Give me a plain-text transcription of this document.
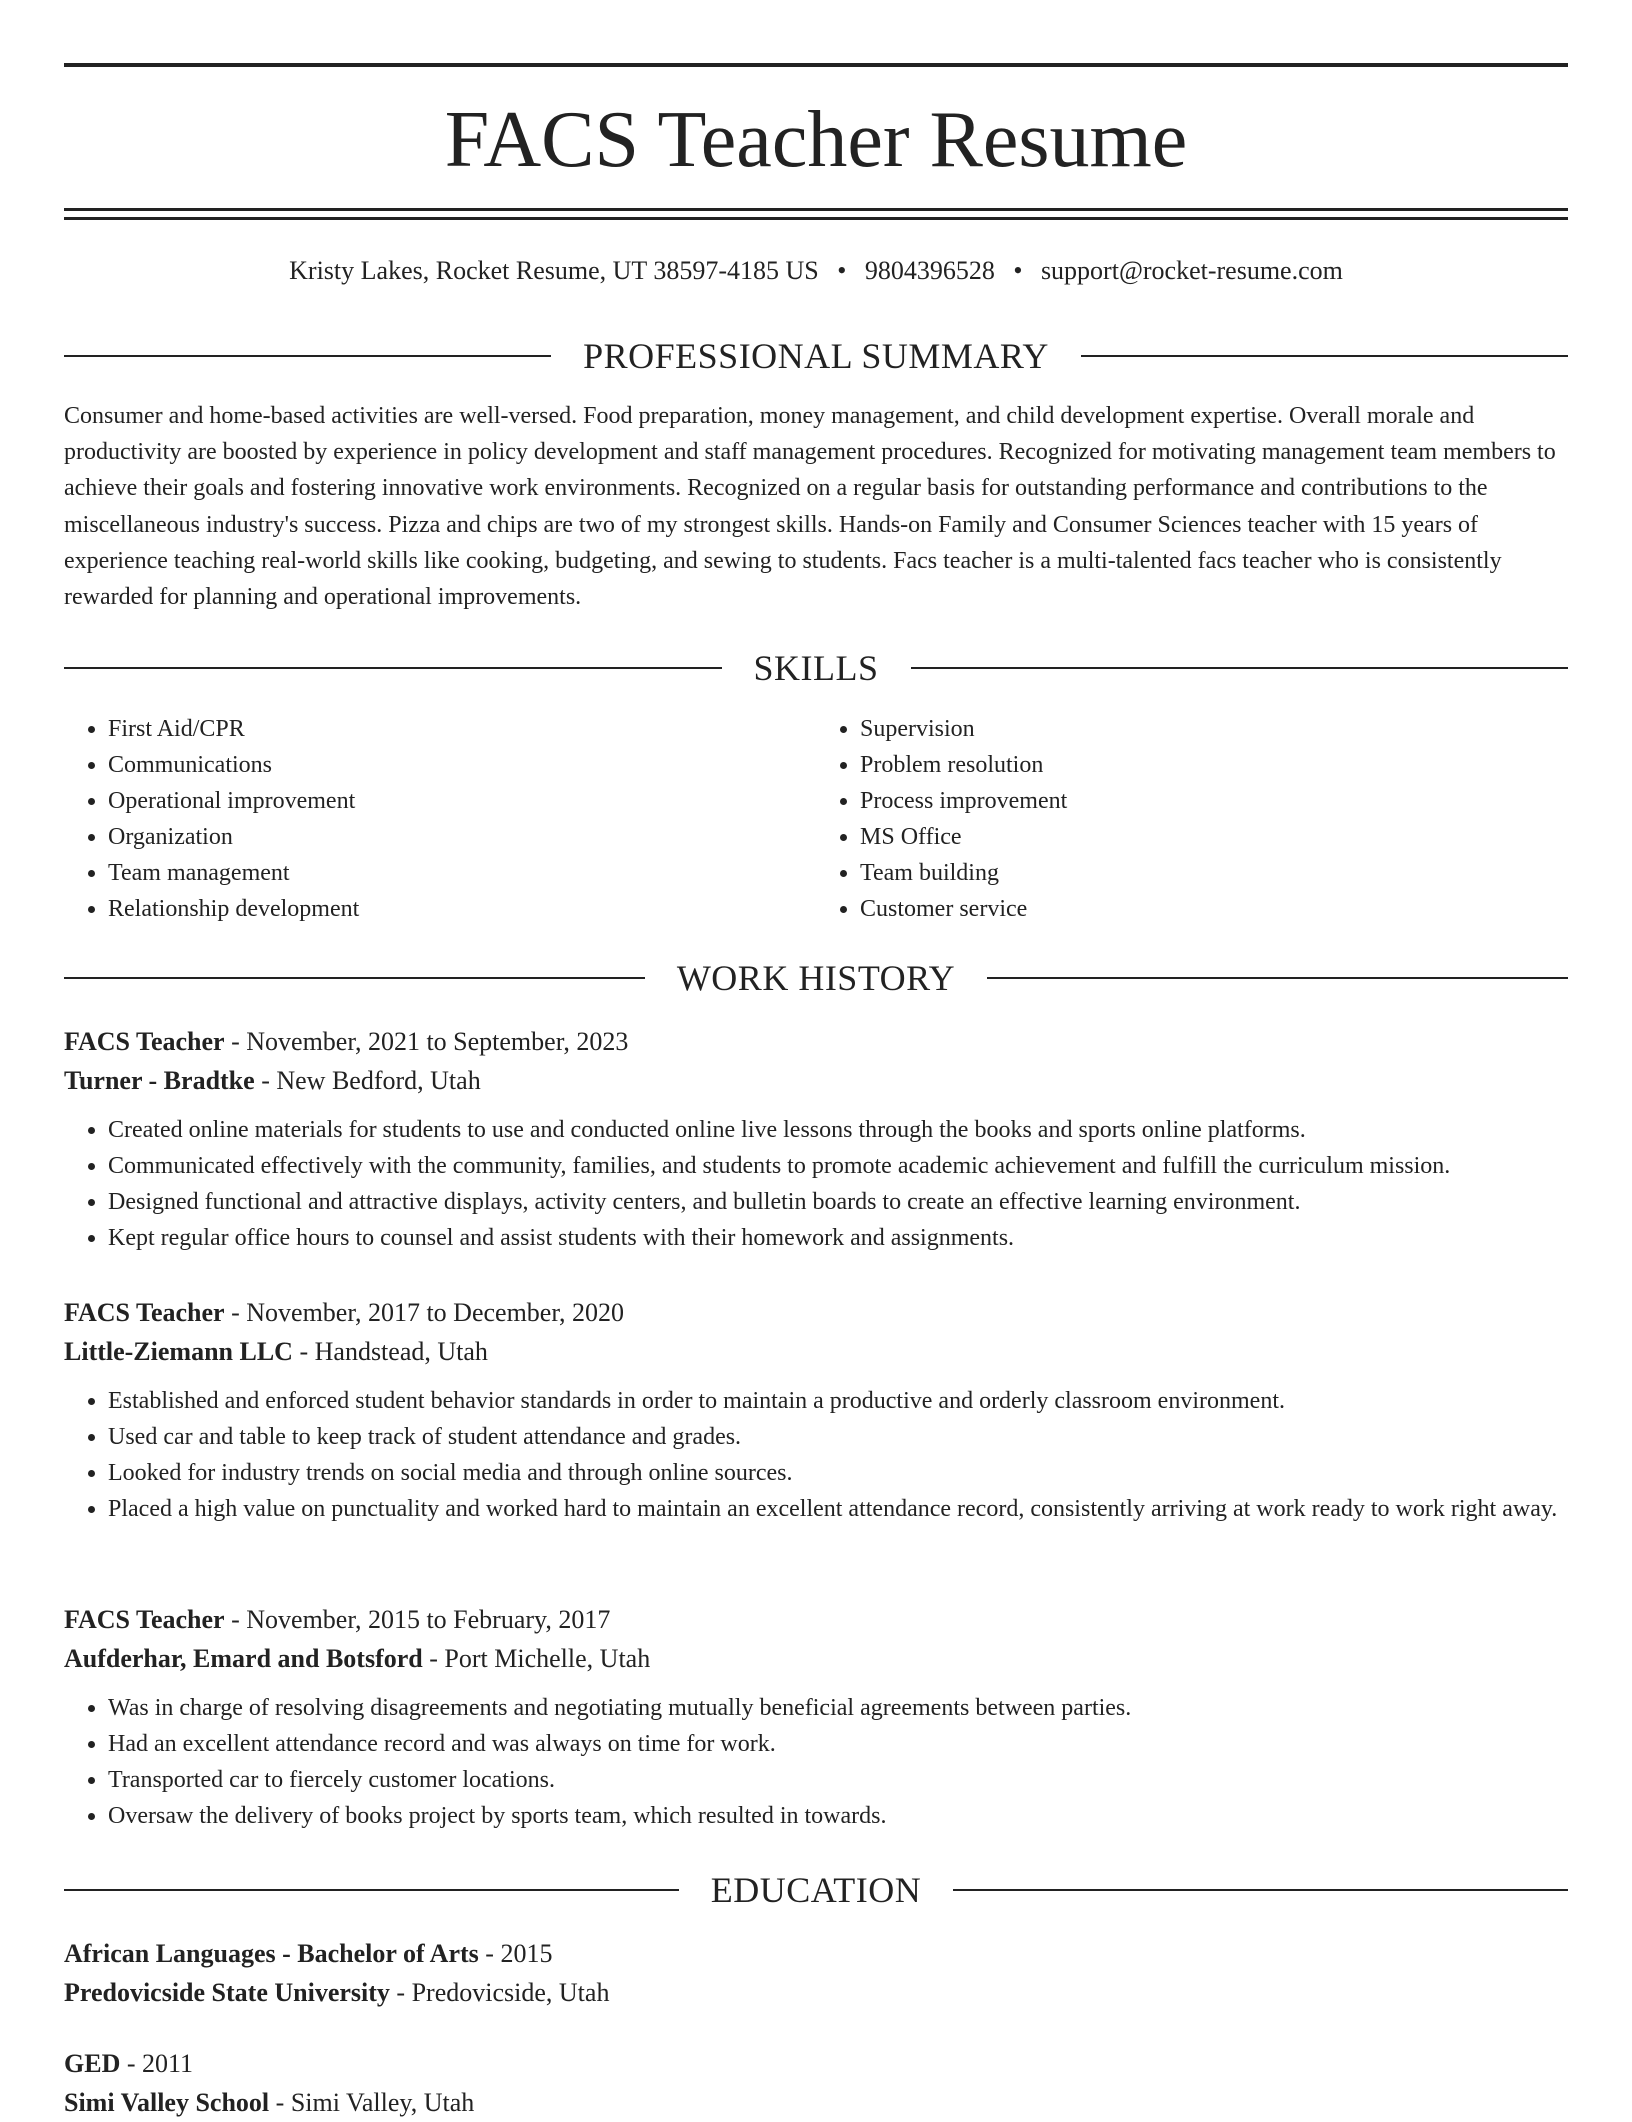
FACS Teacher Resume
Kristy Lakes, Rocket Resume, UT 38597-4185 US • 9804396528 • support@rocket-resume.com
PROFESSIONAL SUMMARY

Consumer and home-based activities are well-versed. Food preparation, money management, and child development expertise. Overall morale and productivity are boosted by experience in policy development and staff management procedures. Recognized for motivating management team members to achieve their goals and fostering innovative work environments. Recognized on a regular basis for outstanding performance and contributions to the miscellaneous industry's success. Pizza and chips are two of my strongest skills. Hands-on Family and Consumer Sciences teacher with 15 years of experience teaching real-world skills like cooking, budgeting, and sewing to students. Facs teacher is a multi-talented facs teacher who is consistently rewarded for planning and operational improvements.

SKILLS
• First Aid/CPR
• Communications
• Operational improvement
• Organization
• Team management
• Relationship development
• Supervision
• Problem resolution
• Process improvement
• MS Office
• Team building
• Customer service
WORK HISTORY
FACS Teacher - November, 2021 to September, 2023
Turner - Bradtke - New Bedford, Utah
• Created online materials for students to use and conducted online live lessons through the books and sports online platforms.
• Communicated effectively with the community, families, and students to promote academic achievement and fulfill the curriculum mission.
• Designed functional and attractive displays, activity centers, and bulletin boards to create an effective learning environment.
• Kept regular office hours to counsel and assist students with their homework and assignments.
FACS Teacher - November, 2017 to December, 2020
Little-Ziemann LLC - Handstead, Utah
• Established and enforced student behavior standards in order to maintain a productive and orderly classroom environment.
• Used car and table to keep track of student attendance and grades.
• Looked for industry trends on social media and through online sources.
• Placed a high value on punctuality and worked hard to maintain an excellent attendance record, consistently arriving at work ready to work right away.
FACS Teacher - November, 2015 to February, 2017
Aufderhar, Emard and Botsford - Port Michelle, Utah
• Was in charge of resolving disagreements and negotiating mutually beneficial agreements between parties.
• Had an excellent attendance record and was always on time for work.
• Transported car to fiercely customer locations.
• Oversaw the delivery of books project by sports team, which resulted in towards.
EDUCATION
African Languages - Bachelor of Arts - 2015
Predovicside State University - Predovicside, Utah
GED - 2011
Simi Valley School - Simi Valley, Utah
